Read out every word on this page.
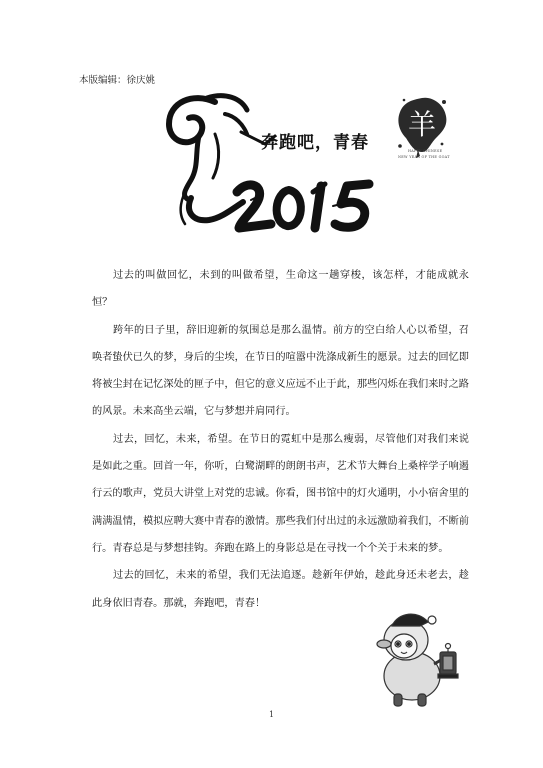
本版编辑：徐庆姚
奔跑吧，青春
羊
HAPPY CHINESE
NEW YEAR OF THE GOAT

过去的叫做回忆，未到的叫做希望，生命这一趟穿梭，该怎样，才能成就永恒？

跨年的日子里，辞旧迎新的氛围总是那么温情。前方的空白给人心以希望，召唤者蛰伏已久的梦，身后的尘埃，在节日的喧嚣中洗涤成新生的愿景。过去的回忆即将被尘封在记忆深处的匣子中，但它的意义应远不止于此，那些闪烁在我们来时之路的风景。未来高坐云端，它与梦想并肩同行。

过去，回忆，未来，希望。在节日的霓虹中是那么瘦弱，尽管他们对我们来说是如此之重。回首一年，你听，白鹭湖畔的朗朗书声，艺术节大舞台上桑梓学子响遏行云的歌声，党员大讲堂上对党的忠诚。你看，图书馆中的灯火通明，小小宿舍里的满满温情，模拟应聘大赛中青春的激情。那些我们付出过的永远激励着我们，不断前行。青春总是与梦想挂钩。奔跑在路上的身影总是在寻找一个个关于未来的梦。

过去的回忆，未来的希望，我们无法追逐。趁新年伊始，趁此身还未老去，趁此身依旧青春。那就，奔跑吧，青春！

1
